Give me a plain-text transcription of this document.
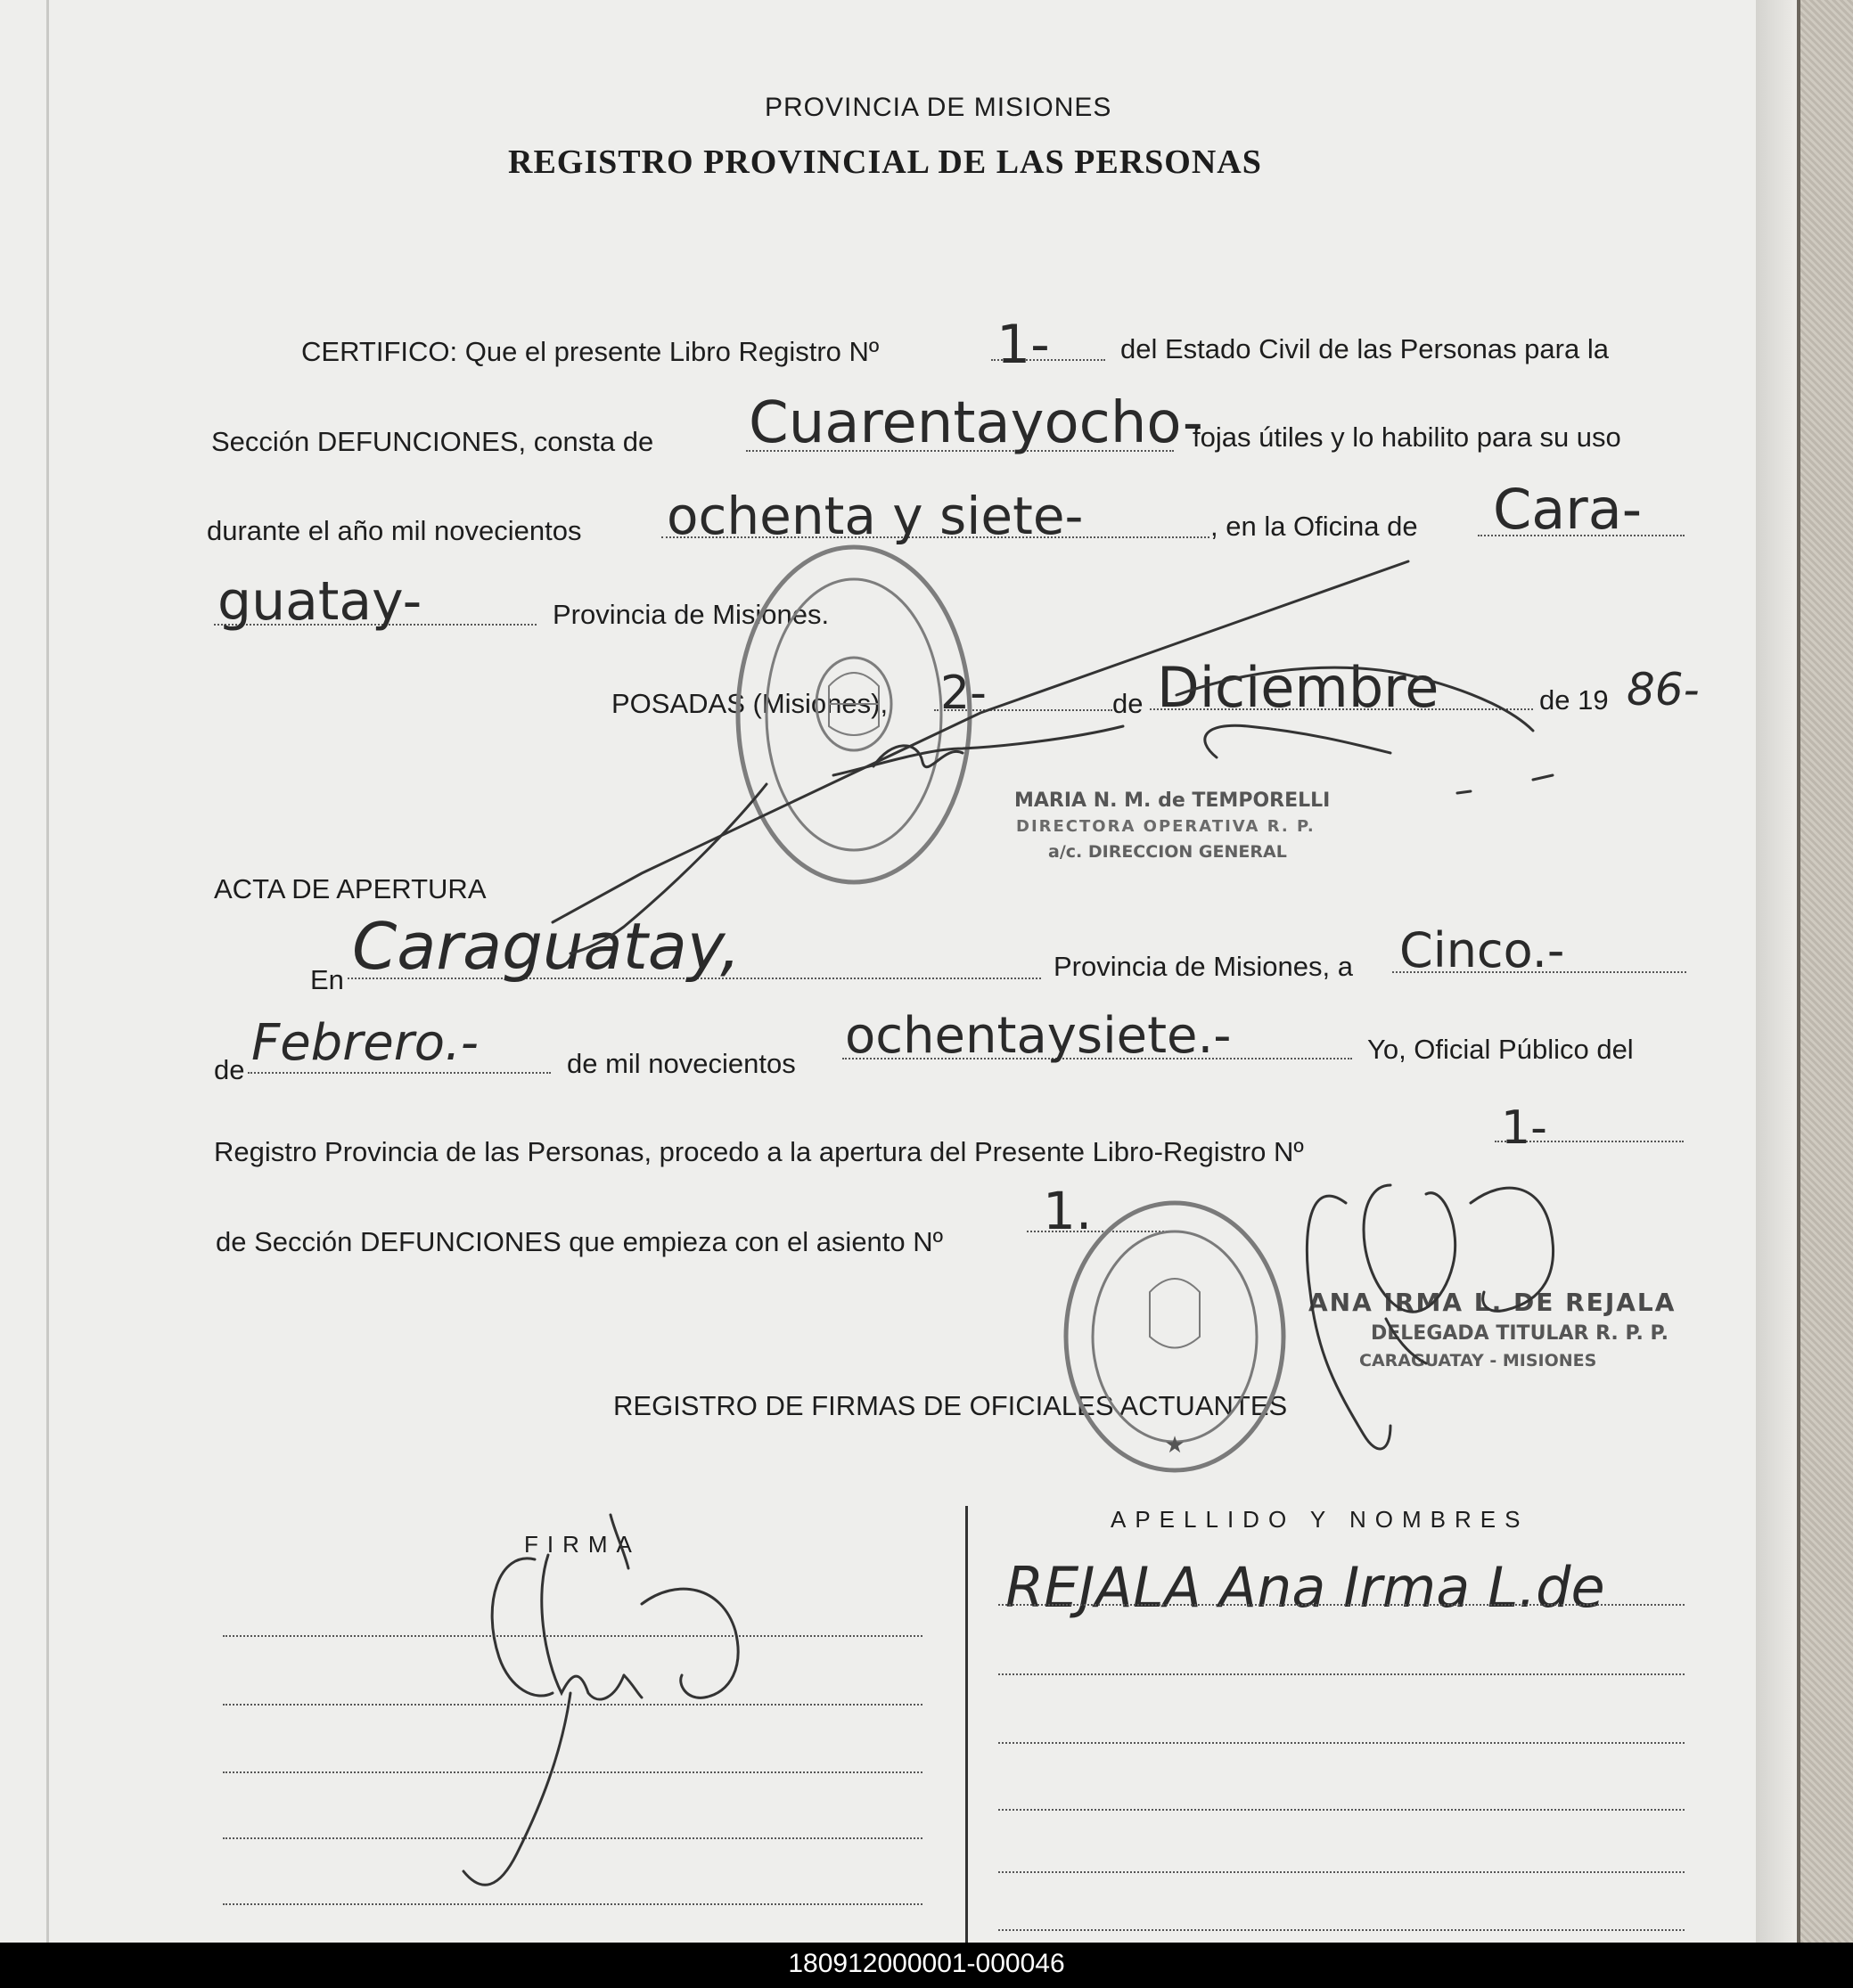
PROVINCIA DE MISIONES
REGISTRO PROVINCIAL DE LAS PERSONAS
CERTIFICO: Que el presente Libro Registro Nº 1-	del Estado Civil de las Personas para la
Sección DEFUNCIONES, consta de Cuarentayocho-
fojas útiles y lo habilito para su uso
durante el año mil novecientos ochenta y siete-	, en la Oficina de Cara-
guatay-	Provincia de Misiones.
POSADAS (Misiones), 2-	de Diciembre	de 19 86-
MARIA N. M. de TEMPORELLI
DIRECTORA OPERATIVA R. P.
a/c. DIRECCION GENERAL
ACTA DE APERTURA
En Caraguatay,	Provincia de Misiones, a Cinco.-
de Febrero.-	de mil novecientos ochentaysiete.-	Yo, Oficial Público del
Registro Provincia de las Personas, procedo a la apertura del Presente Libro-Registro Nº	1-
de Sección DEFUNCIONES que empieza con el asiento Nº
1.
ANA IRMA L. DE REJALA
DELEGADA TITULAR R. P. P.
CARAGUATAY - MISIONES
REGISTRO DE FIRMAS DE OFICIALES ACTUANTES
FIRMA
APELLIDO Y NOMBRES
REJALA Ana Irma L.de
★
180912000001-000046
